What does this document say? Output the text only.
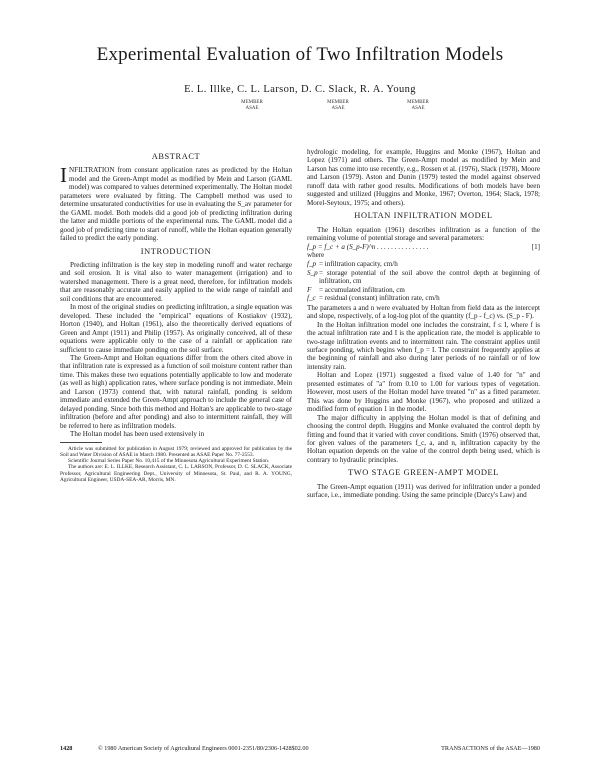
Experimental Evaluation of Two Infiltration Models
E. L. Illke, C. L. Larson, D. C. Slack, R. A. Young
MEMBER
ASAE
MEMBER
ASAE
MEMBER
ASAE
ABSTRACT

INFILTRATION from constant application rates as predicted by the Holtan model and the Green-Ampt model as modified by Mein and Larson (GAML model) was compared to values determined experimentally. The Holtan model parameters were evaluated by fitting. The Campbell method was used to determine unsaturated conductivities for use in evaluating the S_av parameter for the GAML model. Both models did a good job of predicting infiltration during the latter and middle portions of the experimental runs. The GAML model did a good job of predicting time to start of runoff, while the Holtan equation generally failed to predict the early ponding.

INTRODUCTION

Predicting infiltration is the key step in modeling runoff and water recharge and soil erosion. It is vital also to water management (irrigation) and to watershed management. There is a great need, therefore, for infiltration models that are reasonably accurate and easily applied to the wide range of rainfall and soil conditions that are encountered.

In most of the original studies on predicting infiltration, a single equation was developed. These included the "empirical" equations of Kostiakov (1932), Horton (1940), and Holtan (1961), also the theoretically derived equations of Green and Ampt (1911) and Philip (1957). As originally conceived, all of these equations were applicable only to the case of a rainfall or application rate sufficient to cause immediate ponding on the soil surface.

The Green-Ampt and Holtan equations differ from the others cited above in that infiltration rate is expressed as a function of soil moisture content rather than time. This makes these two equations potentially applicable to low and moderate (as well as high) application rates, where surface ponding is not immediate. Mein and Larson (1973) contend that, with natural rainfall, ponding is seldom immediate and extended the Green-Ampt approach to include the general case of delayed ponding. Since both this method and Holtan's are applicable to two-stage infiltration (before and after ponding) and also to intermittent rainfall, they will be referred to here as infiltration models.

The Holtan model has been used extensively in

Article was submitted for publication in August 1979; reviewed and approved for publication by the Soil and Water Division of ASAE in March 1980. Presented as ASAE Paper No. 77-2553.

Scientific Journal Series Paper No. 10,415 of the Minnesota Agricultural Experiment Station.

The authors are: E. L. ILLKE, Research Assistant, C. L. LARSON, Professor, D. C. SLACK, Associate Professor, Agricultural Engineering Dept., University of Minnesota, St. Paul, and R. A. YOUNG, Agricultural Engineer, USDA-SEA-AR, Morris, MN.

hydrologic modeling, for example, Huggins and Monke (1967), Holtan and Lopez (1971) and others. The Green-Ampt model as modified by Mein and Larson has come into use recently, e.g., Rossen et al. (1976), Slack (1978), Moore and Larson (1979). Aston and Dunin (1979) tested the model against observed runoff data with rather good results. Modifications of both models have been suggested and utilized (Huggins and Monke, 1967; Overton, 1964; Slack, 1978; Morel-Seytoux, 1975; and others).

HOLTAN INFILTRATION MODEL

The Holtan equation (1961) describes infiltration as a function of the remaining volume of potential storage and several parameters:

f_p = f_c + a (S_p-F)^n . . . . . . . . . . . . . . .	[1]

where

f_p = infiltration capacity, cm/h
S_p = storage potential of the soil above the control depth at beginning of infiltration, cm
F	= accumulated infiltration, cm
f_c = residual (constant) infiltration rate, cm/h

The parameters a and n were evaluated by Holtan from field data as the intercept and slope, respectively, of a log-log plot of the quantity (f_p - f_c) vs. (S_p - F).

In the Holtan infiltration model one includes the constraint, f ≤ I, where f is the actual infiltration rate and I is the application rate, the model is applicable to two-stage infiltration events and to intermittent rain. The constraint applies until surface ponding, which begins when f_p = I. The constraint frequently applies at the beginning of rainfall and also during later periods of no rainfall or of low intensity rain.

Holtan and Lopez (1971) suggested a fixed value of 1.40 for "n" and presented estimates of "a" from 0.10 to 1.00 for various types of vegetation. However, most users of the Holtan model have treated "n" as a fitted parameter. This was done by Huggins and Monke (1967), who proposed and utilized a modified form of equation 1 in the model.

The major difficulty in applying the Holtan model is that of defining and choosing the control depth. Huggins and Monke evaluated the control depth by fitting and found that it varied with cover conditions. Smith (1976) observed that, for given values of the parameters f_c, a, and n, infiltration capacity by the Holtan equation depends on the value of the control depth being used, which is contrary to hydraulic principles.

TWO STAGE GREEN-AMPT MODEL

The Green-Ampt equation (1911) was derived for infiltration under a ponded surface, i.e., immediate ponding. Using the same principle (Darcy's Law) and

1428	© 1980 American Society of Agricultural Engineers 0001-2351/80/2306-1428$02.00	TRANSACTIONS of the ASAE—1980
